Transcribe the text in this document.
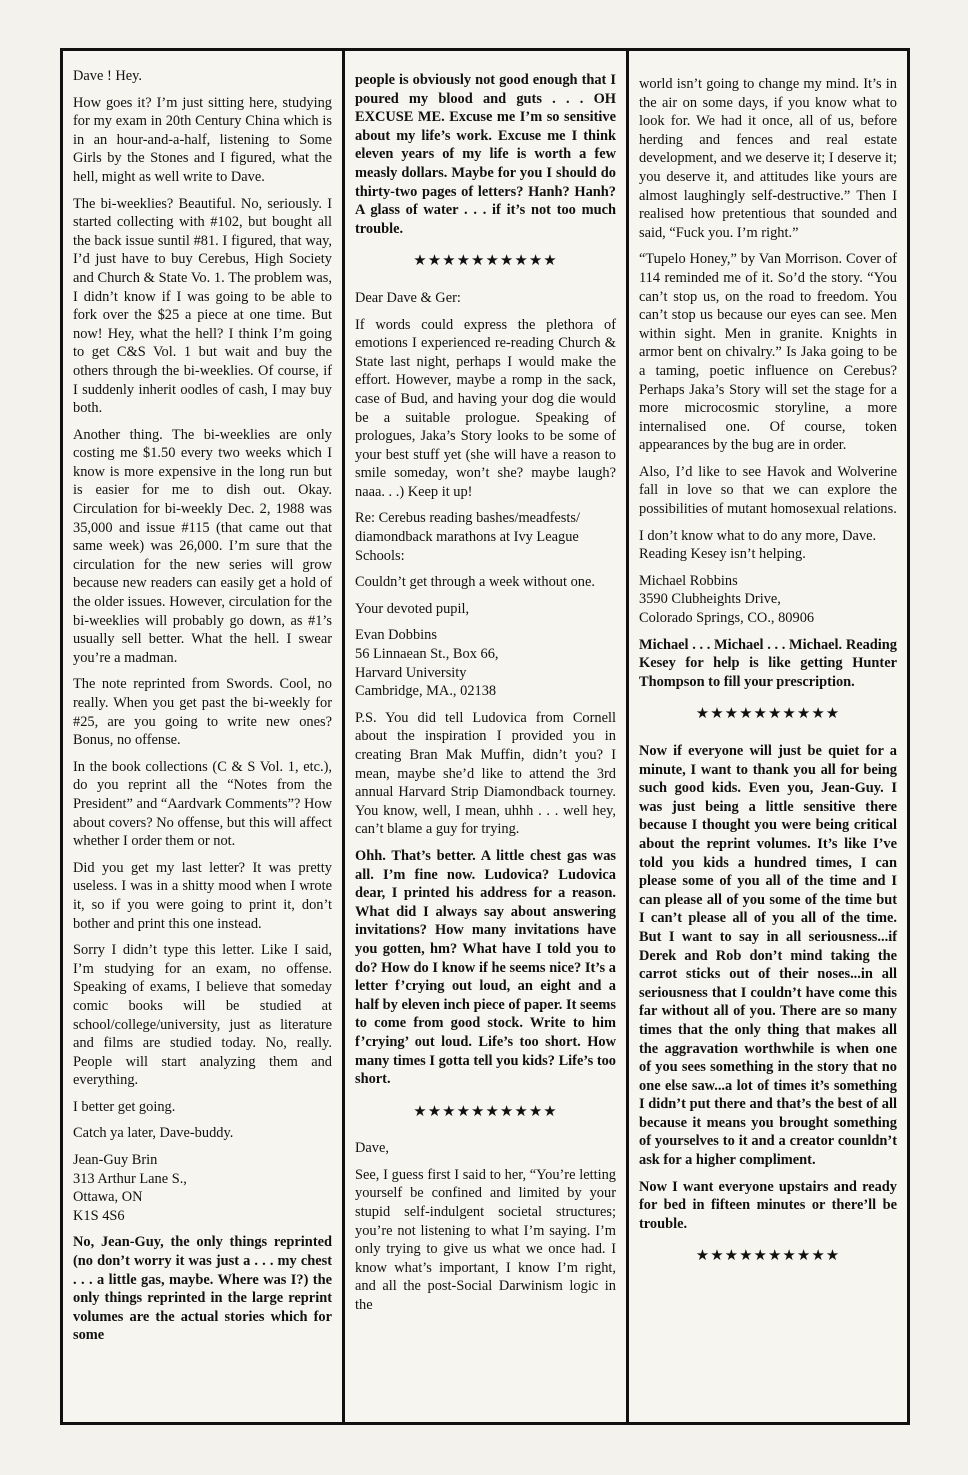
Dave ! Hey.

How goes it? I’m just sitting here, studying for my exam in 20th Century China which is in an hour-and-a-half, listening to Some Girls by the Stones and I figured, what the hell, might as well write to Dave.

The bi-weeklies? Beautiful. No, seriously. I started collecting with #102, but bought all the back issue suntil #81. I figured, that way, I’d just have to buy Cerebus, High Society and Church & State Vo. 1. The problem was, I didn’t know if I was going to be able to fork over the $25 a piece at one time. But now! Hey, what the hell? I think I’m going to get C&S Vol. 1 but wait and buy the others through the bi-weeklies. Of course, if I suddenly inherit oodles of cash, I may buy both.

Another thing. The bi-weeklies are only costing me $1.50 every two weeks which I know is more expensive in the long run but is easier for me to dish out. Okay. Circulation for bi-weekly Dec. 2, 1988 was 35,000 and issue #115 (that came out that same week) was 26,000. I’m sure that the circulation for the new series will grow because new readers can easily get a hold of the older issues. However, circulation for the bi-weeklies will probably go down, as #1’s usually sell better. What the hell. I swear you’re a madman.

The note reprinted from Swords. Cool, no really. When you get past the bi-weekly for #25, are you going to write new ones? Bonus, no offense.

In the book collections (C & S Vol. 1, etc.), do you reprint all the “Notes from the President” and “Aardvark Comments”? How about covers? No offense, but this will affect whether I order them or not.

Did you get my last letter? It was pretty useless. I was in a shitty mood when I wrote it, so if you were going to print it, don’t bother and print this one instead.

Sorry I didn’t type this letter. Like I said, I’m studying for an exam, no offense. Speaking of exams, I believe that someday comic books will be studied at school/college/university, just as literature and films are studied today. No, really. People will start analyzing them and everything.

I better get going.

Catch ya later, Dave-buddy.

Jean-Guy Brin

313 Arthur Lane S.,

Ottawa, ON

K1S 4S6

No, Jean-Guy, the only things reprinted (no don’t worry it was just a . . . my chest . . . a little gas, maybe. Where was I?) the only things reprinted in the large reprint volumes are the actual stories which for some

people is obviously not good enough that I poured my blood and guts . . . OH EXCUSE ME. Excuse me I’m so sensitive about my life’s work. Excuse me I think eleven years of my life is worth a few measly dollars. Maybe for you I should do thirty-two pages of letters? Hanh? Hanh? A glass of water . . . if it’s not too much trouble.

★★★★★★★★★★

Dear Dave & Ger:

If words could express the plethora of emotions I experienced re-reading Church & State last night, perhaps I would make the effort. However, maybe a romp in the sack, case of Bud, and having your dog die would be a suitable prologue. Speaking of prologues, Jaka’s Story looks to be some of your best stuff yet (she will have a reason to smile someday, won’t she? maybe laugh? naaa. . .) Keep it up!

Re: Cerebus reading bashes/meadfests/ diamondback marathons at Ivy League Schools:

Couldn’t get through a week without one.

Your devoted pupil,

Evan Dobbins

56 Linnaean St., Box 66,

Harvard University

Cambridge, MA., 02138

P.S. You did tell Ludovica from Cornell about the inspiration I provided you in creating Bran Mak Muffin, didn’t you? I mean, maybe she’d like to attend the 3rd annual Harvard Strip Diamondback tourney. You know, well, I mean, uhhh . . . well hey, can’t blame a guy for trying.

Ohh. That’s better. A little chest gas was all. I’m fine now. Ludovica? Ludovica dear, I printed his address for a reason. What did I always say about answering invitations? How many invitations have you gotten, hm? What have I told you to do? How do I know if he seems nice? It’s a letter f’crying out loud, an eight and a half by eleven inch piece of paper. It seems to come from good stock. Write to him f’crying’ out loud. Life’s too short. How many times I gotta tell you kids? Life’s too short.

★★★★★★★★★★

Dave,

See, I guess first I said to her, “You’re letting yourself be confined and limited by your stupid self-indulgent societal structures; you’re not listening to what I’m saying. I’m only trying to give us what we once had. I know what’s important, I know I’m right, and all the post-Social Darwinism logic in the

world isn’t going to change my mind. It’s in the air on some days, if you know what to look for. We had it once, all of us, before herding and fences and real estate development, and we deserve it; I deserve it; you deserve it, and attitudes like yours are almost laughingly self-destructive.” Then I realised how pretentious that sounded and said, “Fuck you. I’m right.”

“Tupelo Honey,” by Van Morrison. Cover of 114 reminded me of it. So’d the story. “You can’t stop us, on the road to freedom. You can’t stop us because our eyes can see. Men within sight. Men in granite. Knights in armor bent on chivalry.” Is Jaka going to be a taming, poetic influence on Cerebus? Perhaps Jaka’s Story will set the stage for a more microcosmic storyline, a more internalised one. Of course, token appearances by the bug are in order.

Also, I’d like to see Havok and Wolverine fall in love so that we can explore the possibilities of mutant homosexual relations.

I don’t know what to do any more, Dave. Reading Kesey isn’t helping.

Michael Robbins

3590 Clubheights Drive,

Colorado Springs, CO., 80906

Michael . . . Michael . . . Michael. Reading Kesey for help is like getting Hunter Thompson to fill your prescription.

★★★★★★★★★★

Now if everyone will just be quiet for a minute, I want to thank you all for being such good kids. Even you, Jean-Guy. I was just being a little sensitive there because I thought you were being critical about the reprint volumes. It’s like I’ve told you kids a hundred times, I can please some of you all of the time and I can please all of you some of the time but I can’t please all of you all of the time. But I want to say in all seriousness...if Derek and Rob don’t mind taking the carrot sticks out of their noses...in all seriousness that I couldn’t have come this far without all of you. There are so many times that the only thing that makes all the aggravation worthwhile is when one of you sees something in the story that no one else saw...a lot of times it’s something I didn’t put there and that’s the best of all because it means you brought something of yourselves to it and a creator counldn’t ask for a higher compliment.

Now I want everyone upstairs and ready for bed in fifteen minutes or there’ll be trouble.

★★★★★★★★★★
